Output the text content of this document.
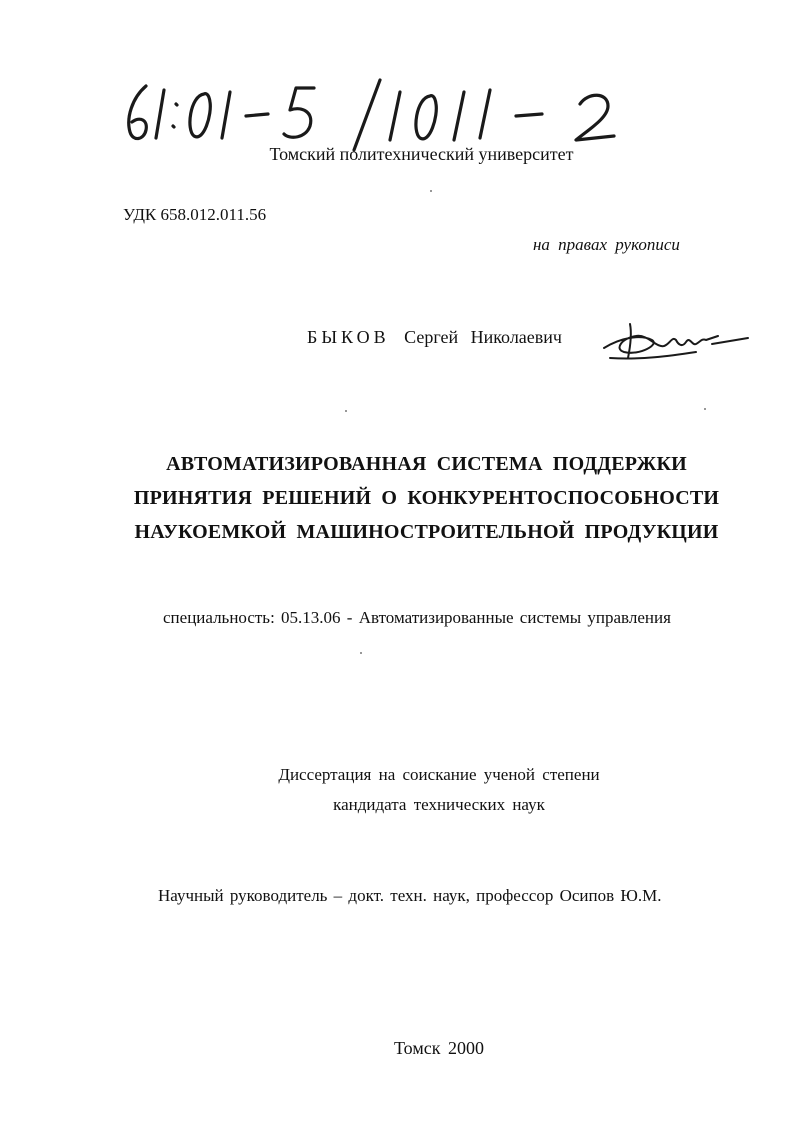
Томский политехнический университет
УДК 658.012.011.56
на правах рукописи
БЫКОВ Сергей Николаевич
АВТОМАТИЗИРОВАННАЯ СИСТЕМА ПОДДЕРЖКИ
ПРИНЯТИЯ РЕШЕНИЙ О КОНКУРЕНТОСПОСОБНОСТИ
НАУКОЕМКОЙ МАШИНОСТРОИТЕЛЬНОЙ ПРОДУКЦИИ
специальность: 05.13.06 - Автоматизированные системы управления
Диссертация на соискание ученой степени
кандидата технических наук
Научный руководитель – докт. техн. наук, профессор Осипов Ю.М.
Томск 2000
